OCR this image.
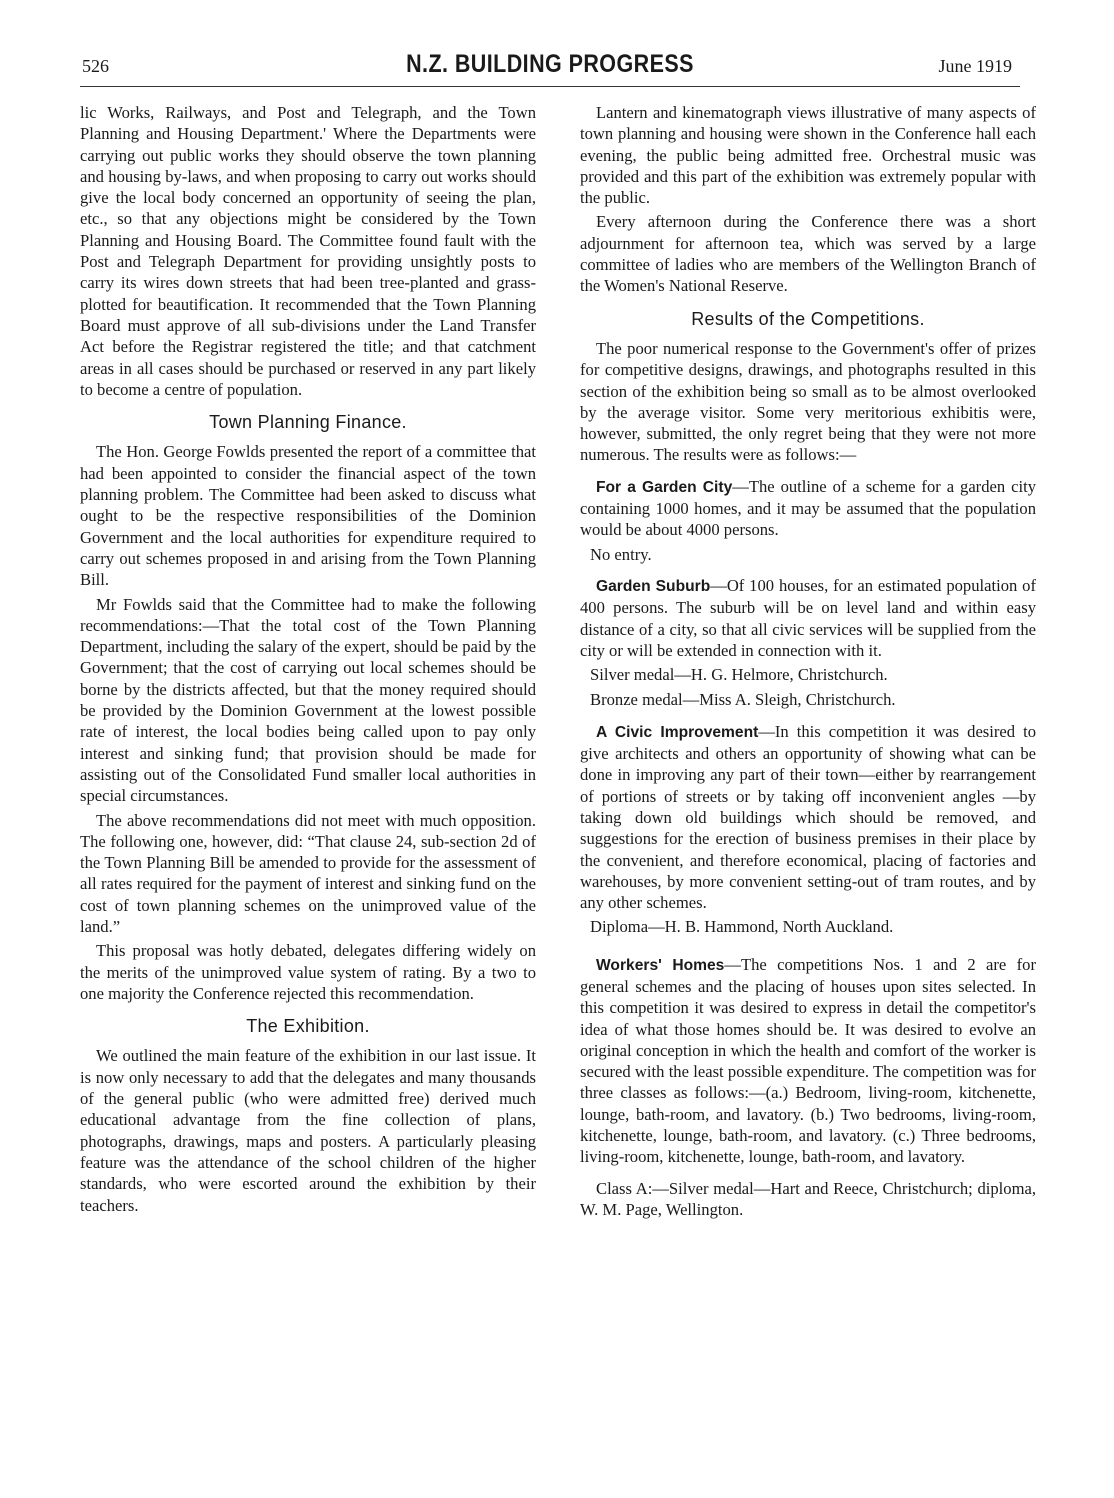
526	N.Z. BUILDING PROGRESS	June 1919

lic Works, Railways, and Post and Telegraph, and the Town Planning and Housing Department.' Where the Departments were carrying out public works they should observe the town planning and housing by-laws, and when proposing to carry out works should give the local body concerned an opportunity of seeing the plan, etc., so that any objections might be considered by the Town Planning and Housing Board. The Committee found fault with the Post and Telegraph Department for providing unsightly posts to carry its wires down streets that had been tree-planted and grass-plotted for beautification. It recommended that the Town Planning Board must approve of all sub-divisions under the Land Transfer Act before the Registrar registered the title; and that catchment areas in all cases should be purchased or reserved in any part likely to become a centre of population.

Town Planning Finance.

The Hon. George Fowlds presented the report of a committee that had been appointed to consider the financial aspect of the town planning problem. The Committee had been asked to discuss what ought to be the respective responsibilities of the Dominion Government and the local authorities for expenditure required to carry out schemes proposed in and arising from the Town Planning Bill.

Mr Fowlds said that the Committee had to make the following recommendations:—That the total cost of the Town Planning Department, including the salary of the expert, should be paid by the Government; that the cost of carrying out local schemes should be borne by the districts affected, but that the money required should be provided by the Dominion Government at the lowest possible rate of interest, the local bodies being called upon to pay only interest and sinking fund; that provision should be made for assisting out of the Consolidated Fund smaller local authorities in special circumstances.

The above recommendations did not meet with much opposition. The following one, however, did: “That clause 24, sub-section 2d of the Town Planning Bill be amended to provide for the assessment of all rates required for the payment of interest and sinking fund on the cost of town planning schemes on the unimproved value of the land.”

This proposal was hotly debated, delegates differing widely on the merits of the unimproved value system of rating. By a two to one majority the Conference rejected this recommendation.

The Exhibition.

We outlined the main feature of the exhibition in our last issue. It is now only necessary to add that the delegates and many thousands of the general public (who were admitted free) derived much educational advantage from the fine collection of plans, photographs, drawings, maps and posters. A particularly pleasing feature was the attendance of the school children of the higher standards, who were escorted around the exhibition by their teachers.

Lantern and kinematograph views illustrative of many aspects of town planning and housing were shown in the Conference hall each evening, the public being admitted free. Orchestral music was provided and this part of the exhibition was extremely popular with the public.

Every afternoon during the Conference there was a short adjournment for afternoon tea, which was served by a large committee of ladies who are members of the Wellington Branch of the Women's National Reserve.

Results of the Competitions.

The poor numerical response to the Government's offer of prizes for competitive designs, drawings, and photographs resulted in this section of the exhibition being so small as to be almost overlooked by the average visitor. Some very meritorious exhibitis were, however, submitted, the only regret being that they were not more numerous. The results were as follows:—

For a Garden City—The outline of a scheme for a garden city containing 1000 homes, and it may be assumed that the population would be about 4000 persons.

No entry.

Garden Suburb—Of 100 houses, for an estimated population of 400 persons. The suburb will be on level land and within easy distance of a city, so that all civic services will be supplied from the city or will be extended in connection with it.

Silver medal—H. G. Helmore, Christchurch.

Bronze medal—Miss A. Sleigh, Christchurch.

A Civic Improvement—In this competition it was desired to give architects and others an opportunity of showing what can be done in improving any part of their town—either by rearrangement of portions of streets or by taking off inconvenient angles —by taking down old buildings which should be removed, and suggestions for the erection of business premises in their place by the convenient, and therefore economical, placing of factories and warehouses, by more convenient setting-out of tram routes, and by any other schemes.

Diploma—H. B. Hammond, North Auckland.

Workers' Homes—The competitions Nos. 1 and 2 are for general schemes and the placing of houses upon sites selected. In this competition it was desired to express in detail the competitor's idea of what those homes should be. It was desired to evolve an original conception in which the health and comfort of the worker is secured with the least possible expenditure. The competition was for three classes as follows:—(a.) Bedroom, living-room, kitchenette, lounge, bath-room, and lavatory. (b.) Two bedrooms, living-room, kitchenette, lounge, bath-room, and lavatory. (c.) Three bedrooms, living-room, kitchenette, lounge, bath-room, and lavatory.

Class A:—Silver medal—Hart and Reece, Christchurch; diploma, W. M. Page, Wellington.
